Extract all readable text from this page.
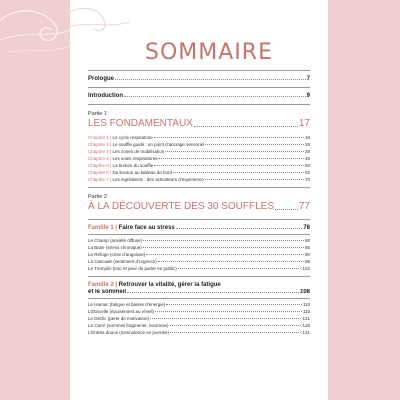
SOMMAIRE
Prologue	7
Introduction	9
Partie 1
LES FONDAMENTAUX	17
Chapitre 1 | Le cycle respiratoire	18
Chapitre 2 | Le souffle guidé : un point d’ancrage sensoriel	28
Chapitre 3 | Les zones de mobilisation	38
Chapitre 4 | Les voies respiratoires	45
Chapitre 5 | La texture du souffle	50
Chapitre 6 | Du bouton au tableau de bord	62
Chapitre 7 | Les ingrédients : des activateurs d’expérience	70
Partie 2
À LA DÉCOUVERTE DES 30 SOUFFLES 77
Famille 1 | Faire face au stress	78
Le Champ (anxiété diffuse)	80
La Base (stress chronique)	85
Le Refuge (crise d’angoisse)	90
La Cascade (sentiment d’urgence)	96
Le Tremplin (trac et peur de parler en public)	102
Famille 2 | Retrouver la vitalité, gérer la fatigue
et le sommeil	108
Le Hamac (fatigue et baisse d’énergie)	110
L’Étincelle (épuisement au réveil)	115
Le Déclic (perte de motivation)	121
Le Carré (sommeil fragmenté, insomnie)	126
L’Entrée douce (somnolence en journée)	131
